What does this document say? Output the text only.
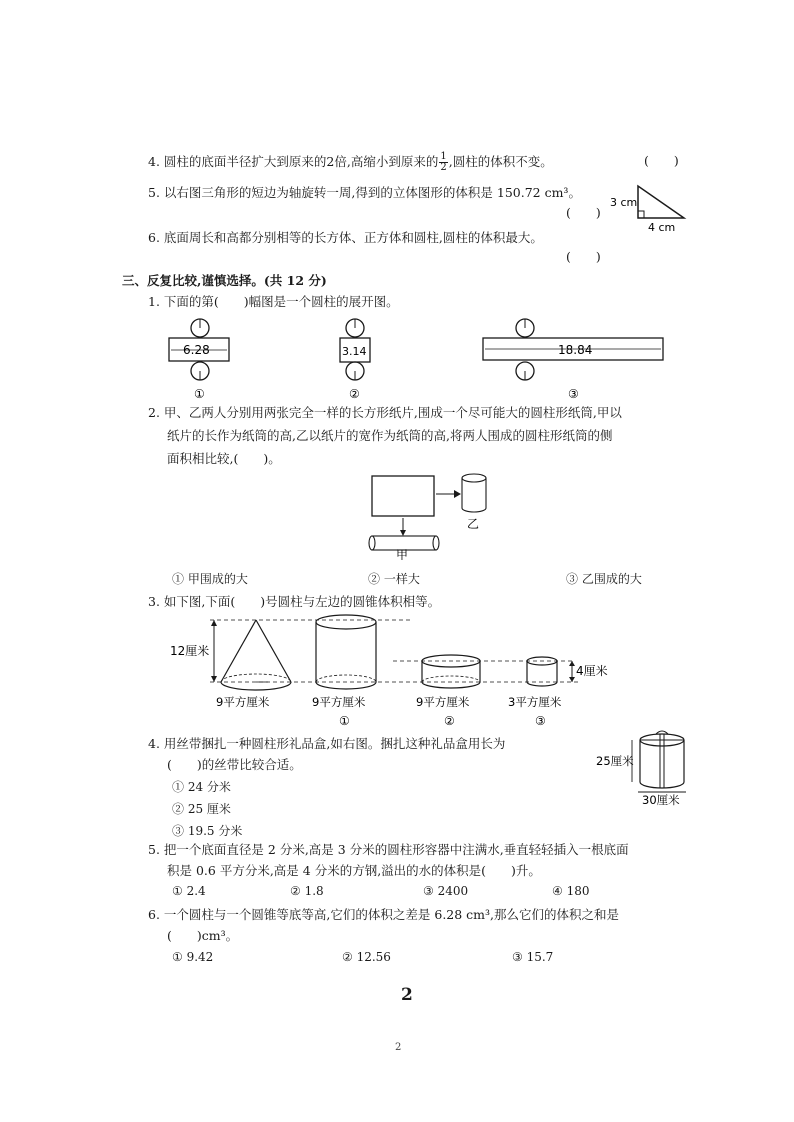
4. 圆柱的底面半径扩大到原来的2倍,高缩小到原来的 $\frac{1}{2}$ ,圆柱的体积不变。	(　　)
5. 以右图三角形的短边为轴旋转一周,得到的立体图形的体积是 150.72 cm³。
(　　)
3 cm
4 cm
6. 底面周长和高都分别相等的长方体、正方体和圆柱,圆柱的体积最大。
(　　)
三、反复比较,谨慎选择。(共 12 分)
1. 下面的第(　　)幅图是一个圆柱的展开图。
6.28
①
3.14
②
18.84
③
2. 甲、乙两人分别用两张完全一样的长方形纸片,围成一个尽可能大的圆柱形纸筒,甲以
纸片的长作为纸筒的高,乙以纸片的宽作为纸筒的高,将两人围成的圆柱形纸筒的侧
面积相比较,(　　)。
乙
甲
① 甲围成的大	② 一样大	③ 乙围成的大
3. 如下图,下面(　　)号圆柱与左边的圆锥体积相等。
12厘米
4厘米
9平方厘米	9平方厘米	9平方厘米	3平方厘米
①	②	③
4. 用丝带捆扎一种圆柱形礼品盒,如右图。捆扎这种礼品盒用长为
(　　)的丝带比较合适。
① 24 分米
② 25 厘米
③ 19.5 分米
25厘米
30厘米
5. 把一个底面直径是 2 分米,高是 3 分米的圆柱形容器中注满水,垂直轻轻插入一根底面
积是 0.6 平方分米,高是 4 分米的方钢,溢出的水的体积是(　　)升。
① 2.4	② 1.8	③ 2400	④ 180
6. 一个圆柱与一个圆锥等底等高,它们的体积之差是 6.28 cm³,那么它们的体积之和是
(　　)cm³。
① 9.42	② 12.56	③ 15.7
2
2
